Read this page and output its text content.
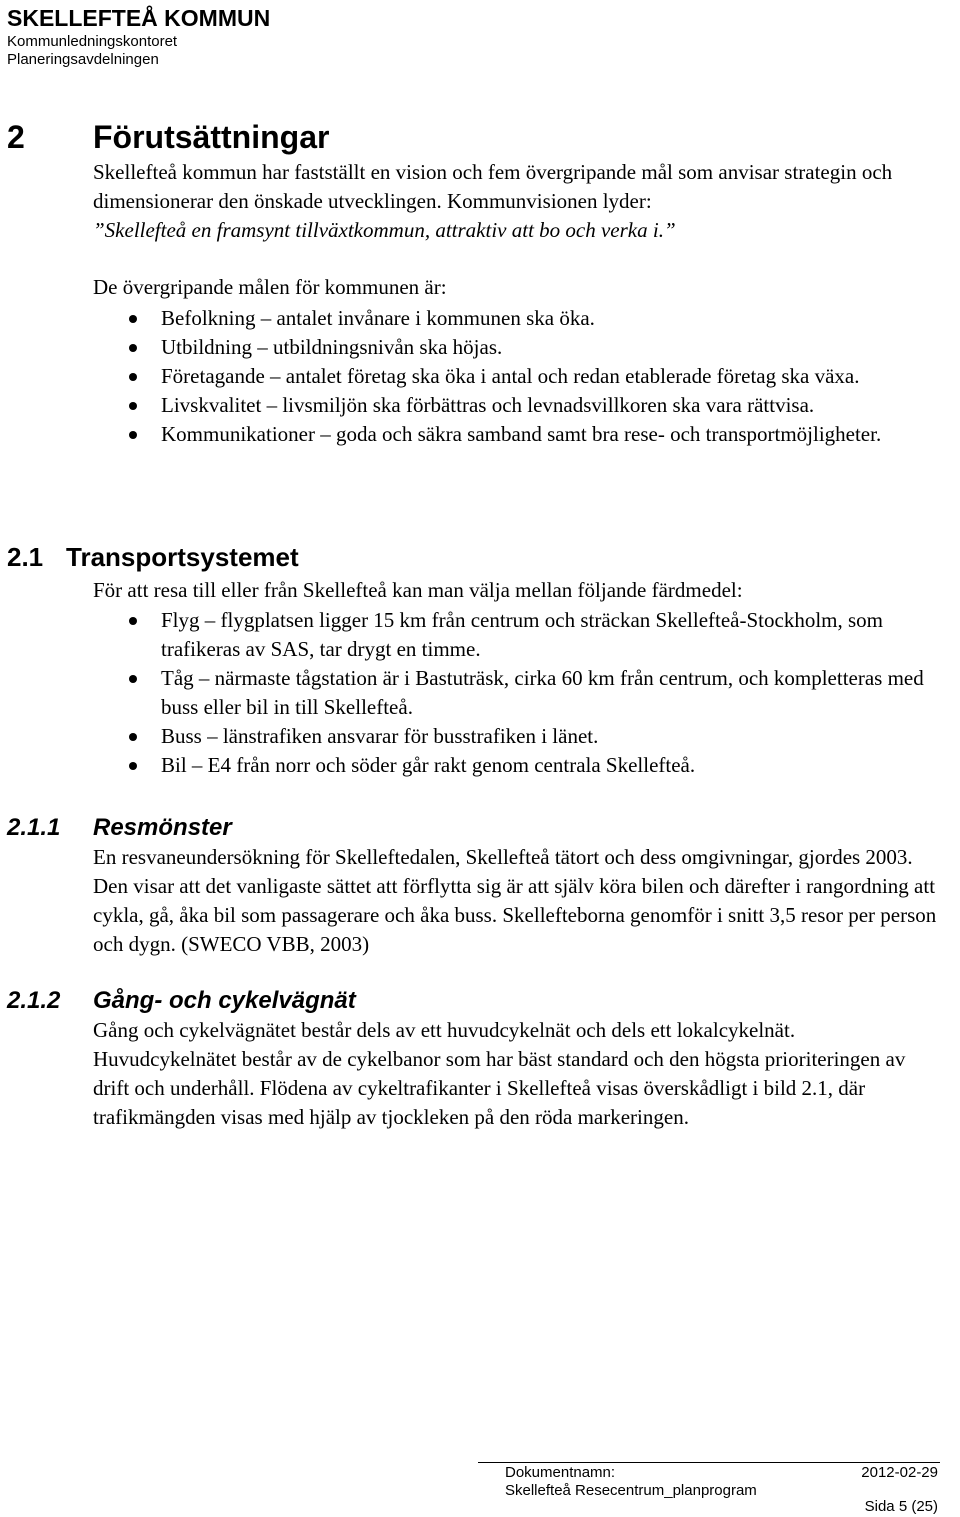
SKELLEFTEÅ KOMMUN
Kommunledningskontoret
Planeringsavdelningen
2 Förutsättningar

Skellefteå kommun har fastställt en vision och fem övergripande mål som anvisar strategin och dimensionerar den önskade utvecklingen. Kommunvisionen lyder:

”Skellefteå en framsynt tillväxtkommun, attraktiv att bo och verka i.”

De övergripande målen för kommunen är:

Befolkning – antalet invånare i kommunen ska öka.
Utbildning – utbildningsnivån ska höjas.
Företagande – antalet företag ska öka i antal och redan etablerade företag ska växa.
Livskvalitet – livsmiljön ska förbättras och levnadsvillkoren ska vara rättvisa.
Kommunikationer – goda och säkra samband samt bra rese- och transportmöjligheter.
2.1 Transportsystemet

För att resa till eller från Skellefteå kan man välja mellan följande färdmedel:

Flyg – flygplatsen ligger 15 km från centrum och sträckan Skellefteå-Stockholm, som trafikeras av SAS, tar drygt en timme.
Tåg – närmaste tågstation är i Bastuträsk, cirka 60 km från centrum, och kompletteras med buss eller bil in till Skellefteå.
Buss – länstrafiken ansvarar för busstrafiken i länet.
Bil – E4 från norr och söder går rakt genom centrala Skellefteå.
2.1.1 Resmönster

En resvaneundersökning för Skelleftedalen, Skellefteå tätort och dess omgivningar, gjordes 2003. Den visar att det vanligaste sättet att förflytta sig är att själv köra bilen och därefter i rangordning att cykla, gå, åka bil som passagerare och åka buss. Skellefteborna genomför i snitt 3,5 resor per person och dygn. (SWECO VBB, 2003)

2.1.2 Gång- och cykelvägnät

Gång och cykelvägnätet består dels av ett huvudcykelnät och dels ett lokalcykelnät. Huvudcykelnätet består av de cykelbanor som har bäst standard och den högsta prioriteringen av drift och underhåll. Flödena av cykeltrafikanter i Skellefteå visas överskådligt i bild 2.1, där trafikmängden visas med hjälp av tjockleken på den röda markeringen.

Dokumentnamn:	2012-02-29
Skellefteå Resecentrum_planprogram
Sida 5 (25)
